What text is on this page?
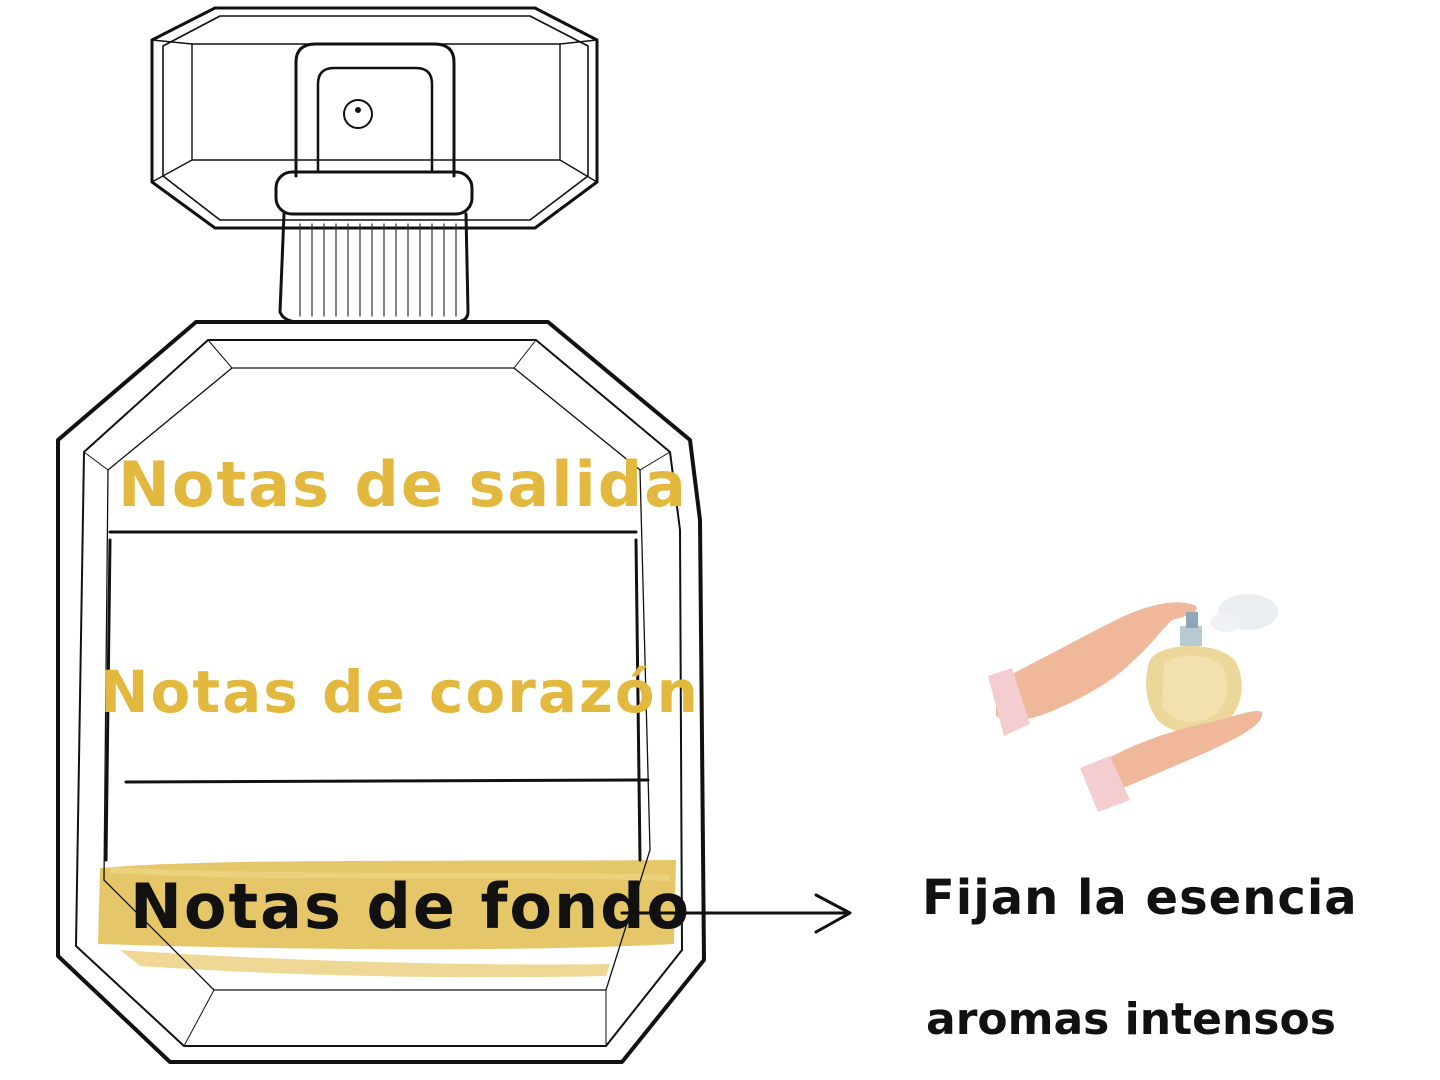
Notas de salida
Notas de corazón
Notas de fondo	Fijan la esencia
aromas intensos
